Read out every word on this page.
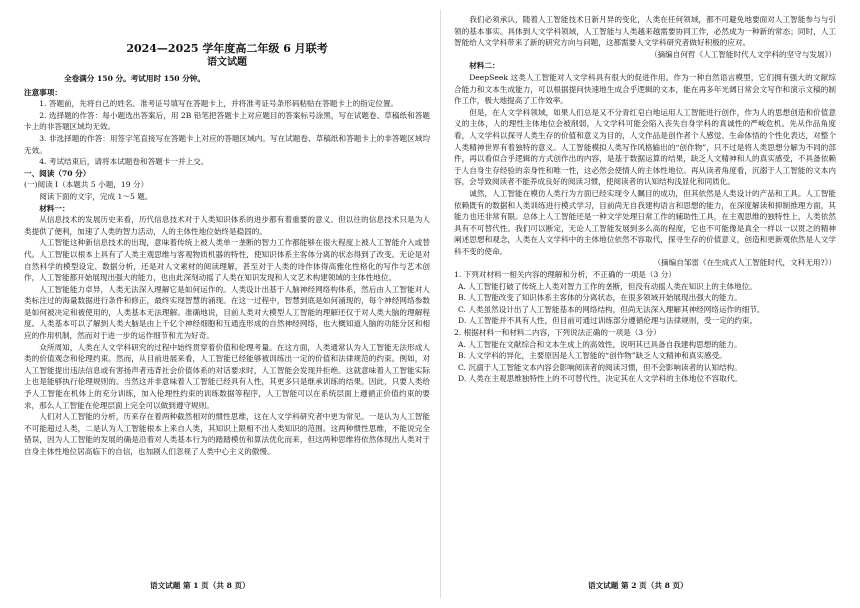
2024—2025 学年度高二年级 6 月联考
语文试题
全卷满分 150 分。考试用时 150 分钟。

注意事项：

1. 答题前，先将自己的姓名、准考证号填写在答题卡上，并将准考证号条形码粘贴在答题卡上的指定位置。

2. 选择题的作答：每小题选出答案后，用 2B 铅笔把答题卡上对应题目的答案标号涂黑，写在试题卷、草稿纸和答题卡上的非答题区域均无效。

3. 非选择题的作答：用签字笔直接写在答题卡上对应的答题区域内。写在试题卷、草稿纸和答题卡上的非答题区域均无效。

4. 考试结束后，请将本试题卷和答题卡一并上交。

一、阅读（70 分）

(一)阅读 I（本题共 5 小题，19 分）

阅读下面的文字，完成 1～5 题。

材料一：

从信息技术的发展历史来看，历代信息技术对于人类知识体系的进步都有着重要的意义。但以往的信息技术只是为人类提供了便利，加速了人类的智力活动，人的主体性地位始终是稳固的。

人工智能这种新信息技术的出现，意味着传统上被人类单一垄断的智力工作都能够在很大程度上被人工智能介入或替代。人工智能以根本上具有了人类主观思维与客观物质机器的特性，使知识体系主客体分离的状态得到了改变。无论是对自然科学的模型设定、数据分析，还是对人文素材的阅读理解，甚至对于人类的诗作体得高雅化性格化的写作与艺术创作，人工智能都开始展现出强大的能力，也由此深刻动摇了人类在知识发现和人文艺术构建领域的主体性地位。

人工智能能力卓异，人类无法深入理解它是如何运作的。人类设计出基于人脑神经网络构体系，然后由人工智能对人类标注过的海量数据进行条件和修正，最终实现智慧的涌现。在这一过程中，智慧到底是如何涌现的，每个神经网络参数是如何被决定和被使用的，人类基本无法理解。准确地说，目前人类对大模型人工智能的理解还仅于对人类大脑的理解程度。人类基本可以了解到人类大脑是由上千亿个神经细胞和互通连形成的自然神经网络，也大概知道人脑的功能分区和相应的作用机制，然而对于进一步的运作细节和尤为好奇。

众所周知，人类在人文学科研究的过程中始终贯穿着价值和伦理考量。在这方面，人类通常认为人工智能无法形成人类的价值观念和伦理约束。然而，从目前进展来看，人工智能已经能够被训练出一定的价值和法律规范的约束。例如，对人工智能提出违法信息或有害扬声者违背社会价值体系的对话要求时，人工智能会发现并拒绝。这就意味着人工智能实际上也是能够执行伦理规则的。当然这并非意味着人工智能已经具有人性，其更多只是继承训练的结果。因此，只要人类给予人工智能在机体上的充分训练，加入伦理性约束的训练数据等程序，人工智能可以在系统层面上遵循正价值约束的要求，那么人工智能在伦理层面上完全可以做到遵守规则。

人们对人工智能的分析，历来存在着两种截然相对的惯性思维，这在人文学科研究者中更为常见。一是认为人工智能不可能超过人类，二是认为人工智能根本上来自人类，其知识上限相不出人类知识的范围。这两种惯性思维，不能说完全错误，因为人工智能的发展的确是沿着对人类基本行为的踏踏模仿和算法优化而来，但这两种思维将依然体现出人类对于自身主体性地位居高临下的自信，也加剧人们忽视了人类中心主义的傲慢。

我们必须承认，随着人工智能技术日新月异的变化，人类在任何领域，都不可避免地要面对人工智能参与与引领的基本事实。具体到人文学科领域，人工智能与人类越来越需要协同工作，必然成为一种新的常态；同时，人工智能给人文学科带来了新的研究方向与问题，这都需要人文学科研究者做好积极的应对。

（摘编自何哲《人工智能时代人文学科的坚守与发展》）

材料二：

DeepSeek 这类人工智能对人文学科具有很大的促进作用。作为一种自然语言模型，它们拥有强大的文献综合能力和文本生成能力，可以根据提问快速地生成合乎逻辑的文本，能在再多年光阔日常会文写作和演示文稿的制作工作，极大地提高了工作效率。

但是，在人文学科领域，如果人们总是又不分青红皂白地运用人工智能进行创作，作为人的思想创造和价值意义的主体，人的理性主体地位会被削弱，人文学科可能会陷入丧失自身学科的真诚性的严峻危机。先从作品角度看，人文学科以探寻人类生存的价值和意义为目的，人文作品是创作者个人感觉、生命体悟的个性化表达，对整个人类精神世界有着独特的意义。人工智能模拟人类写作风格输出的“创作物”，只不过是将人类思想分解为不同的部件，再以看似合乎逻辑的方式创作出的内容，是基于数据运算的结果，缺乏人文精神和人的真实感受，不具备依赖于人自身生存经验的亲身性和唯一性，这必然会使情人的主体性地位。再从读者角度看，沉溺于人工智能的文本内容，会导致阅读者不能养成良好的阅读习惯，使阅读者的认知结构浅显化和同质化。

诚然，人工智能在模仿人类行为方面已经实现令人瞩目的成功，但其依然是人类设计的产品和工具。人工智能依赖既有的数据和人类训练进行模式学习，目前尚无自我建构语言和思想的能力，在深度解读和抑制推理方面，其能力也还非常有限。总体上人工智能还是一种文学处理日常工作的辅助性工具，在主观思维的独特性上，人类依然具有不可替代性。我们可以断定，无论人工智能发展到多么高的程度，它也不可能像是真全一样以一以贯之的精神阐述思想和观念，人类在人文学科中的主体地位依然不容取代，探寻生存的价值意义，创造和更新观依然是人文学科不变的使命。

（摘编自邹雷《在生成式人工智能时代，文科无用?》）

1. 下列对材料一相关内容的理解和分析，不正确的一项是（3 分）

A. 人工智能打破了传统上人类对智力工作的垄断，但没有动摇人类在知识上的主体地位。

B. 人工智能改变了知识体系主客体的分离状态，在很多领域开始展现出强大的能力。

C. 人类虽然设计出了人工智能基本的网络结构，但尚无法深入理解其神经网络运作的细节。

D. 人工智能并不具有人性，但目前可通过训练部分遵循伦理与法律规则，受一定的约束。

2. 根据材料一和材料二内容，下列说法正确的一项是（3 分）

A. 人工智能在文献综合和文本生成上的高效性，说明其已具备自我建构思想的能力。

B. 人文学科的异化，主要原因是人工智能的“创作物”缺乏人文精神和真实感受。

C. 沉溺于人工智能文本内容会影响阅读者的阅读习惯，但不会影响读者的认知结构。

D. 人类在主观思维独特性上的不可替代性，决定其在人文学科的主体地位不容取代。

语文试题 第 1 页（共 8 页）	语文试题 第 2 页（共 8 页）
